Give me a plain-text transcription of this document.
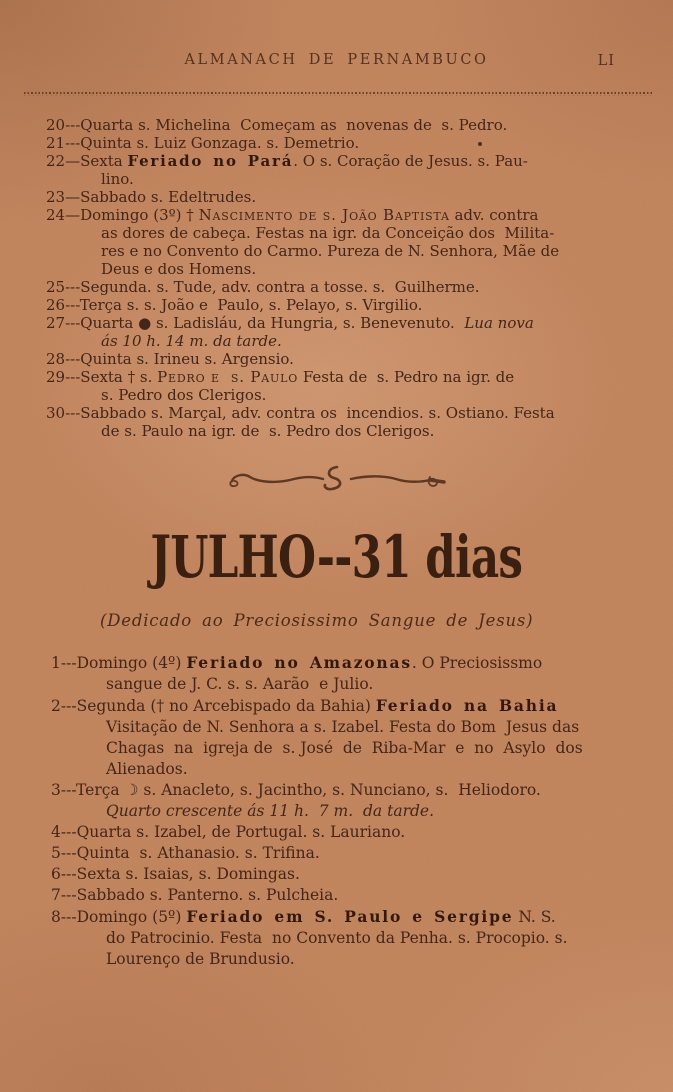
ALMANACH DE PERNAMBUCO	LI
20---Quarta s. Michelina  Começam as  novenas de  s. Pedro.
21---Quinta s. Luiz Gonzaga. s. Demetrio.
22—Sexta Feriado no Pará. O s. Coração de Jesus. s. Pau-
lino.
23—Sabbado s. Edeltrudes.
24—Domingo (3º) † Nascimento de s. João Baptista adv. contra
as dores de cabeça. Festas na igr. da Conceição dos  Milita-
res e no Convento do Carmo. Pureza de N. Senhora, Mãe de
Deus e dos Homens.
25---Segunda. s. Tude, adv. contra a tosse. s.  Guilherme.
26---Terça s. s. João e  Paulo, s. Pelayo, s. Virgilio.
27---Quarta ● s. Ladisláu, da Hungria, s. Benevenuto.  Lua nova
ás 10 h. 14 m. da tarde.
28---Quinta s. Irineu s. Argensio.
29---Sexta † s. Pedro e  s. Paulo Festa de  s. Pedro na igr. de
s. Pedro dos Clerigos.
30---Sabbado s. Marçal, adv. contra os  incendios. s. Ostiano. Festa
de s. Paulo na igr. de  s. Pedro dos Clerigos.
JULHO--31 dias
(Dedicado ao Preciosissimo Sangue de Jesus)
1---Domingo (4º) Feriado no Amazonas. O Preciosissmo
sangue de J. C. s. s. Aarão  e Julio.
2---Segunda († no Arcebispado da Bahia) Feriado na Bahia
Visitação de N. Senhora a s. Izabel. Festa do Bom  Jesus das
Chagas  na  igreja de  s. José  de  Riba-Mar  e  no  Asylo  dos
Alienados.
3---Terça ☽ s. Anacleto, s. Jacintho, s. Nunciano, s.  Heliodoro.
Quarto crescente ás 11 h.  7 m.  da tarde.
4---Quarta s. Izabel, de Portugal. s. Lauriano.
5---Quinta  s. Athanasio. s. Trifina.
6---Sexta s. Isaias, s. Domingas.
7---Sabbado s. Panterno. s. Pulcheia.
8---Domingo (5º) Feriado em S. Paulo e Sergipe N. S.
do Patrocinio. Festa  no Convento da Penha. s. Procopio. s.
Lourenço de Brundusio.
